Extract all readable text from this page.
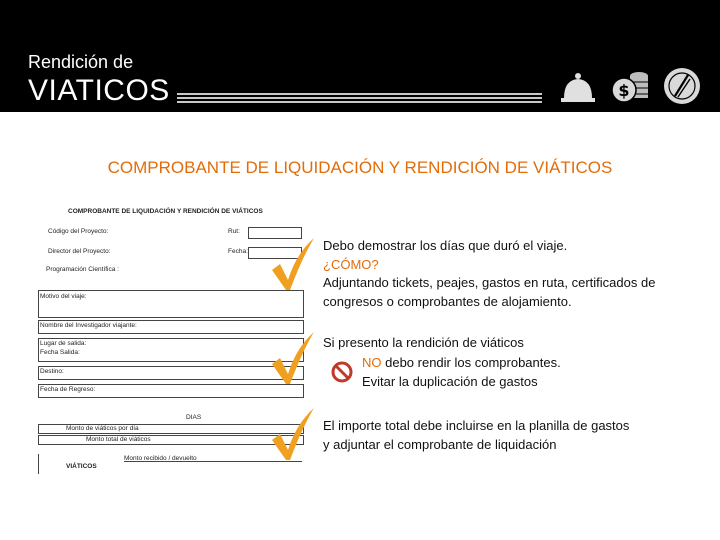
Rendición de
VIATICOS	$
COMPROBANTE DE LIQUIDACIÓN Y RENDICIÓN DE VIÁTICOS
COMPROBANTE DE LIQUIDACIÓN Y RENDICIÓN DE VIÁTICOS
Código del Proyecto:	Rut:
Director del Proyecto:	Fecha:
Programación Científica :
Motivo del viaje:
Nombre del Investigador viajante:
Lugar de salida:
Fecha Salida:
Destino:
Fecha de Regreso:
DIAS
Monto de viáticos por día
Monto total de viáticos
Monto recibido / devuelto
VIÁTICOS
Debo demostrar los días que duró el viaje.
¿CÓMO?
Adjuntando tickets, peajes, gastos en ruta, certificados de
congresos o comprobantes de alojamiento.
Si presento la rendición de viáticos
NO debo rendir los comprobantes.
Evitar la duplicación de gastos
El importe total debe incluirse en la planilla de gastos
y adjuntar el comprobante de liquidación
